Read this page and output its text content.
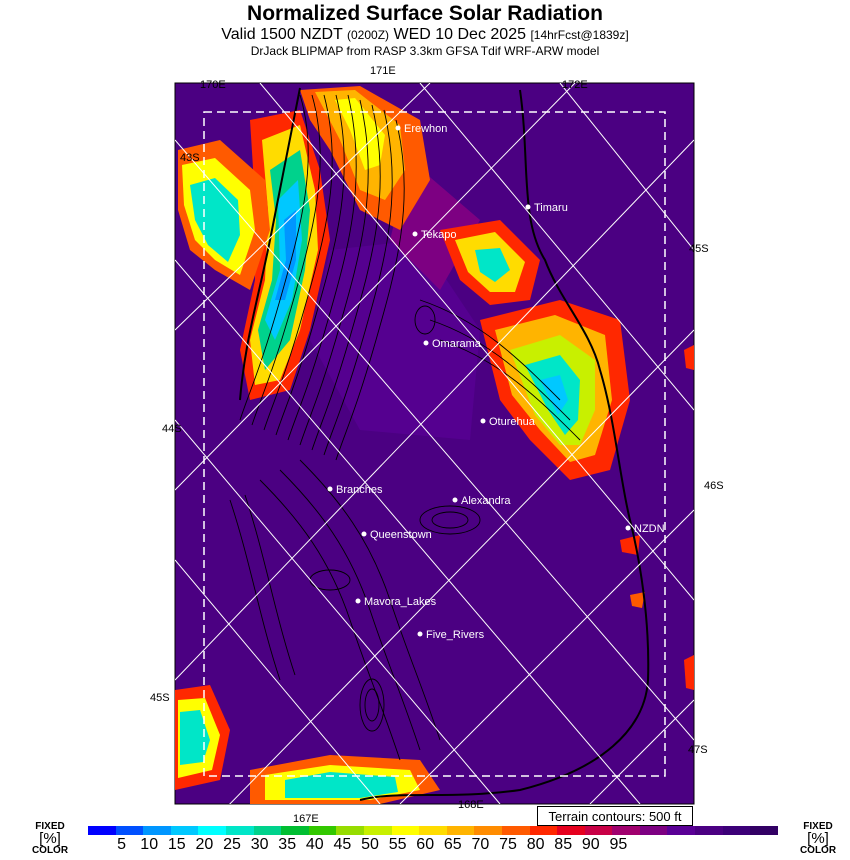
Normalized Surface Solar Radiation
Valid 1500 NZDT (0200Z) WED 10 Dec 2025 [14hrFcst@1839z]
DrJack BLIPMAP from RASP 3.3km GFSA Tdif WRF-ARW model
170E
171E
172E
167E
168E
43S
44S
45S
45S
46S
47S
Erewhon
Timaru
Tekapo
Omarama
Oturehua
Branches
Alexandra
Queenstown	NZDN
Mavora_Lakes
Five_Rivers
Terrain contours: 500 ft
FIXED
[%]
COLOR
FIXED
[%]
COLOR
5 10 15 20 25 30 35 40 45 50 55 60 65 70 75 80 85 90 95
